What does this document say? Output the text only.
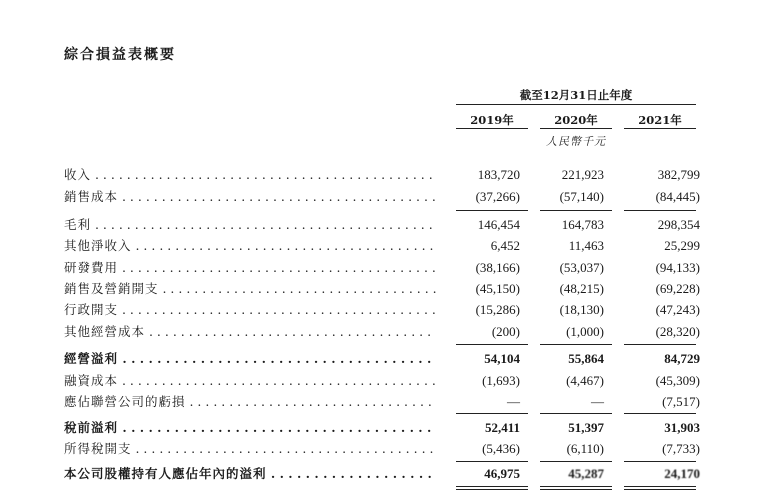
綜合損益表概要
截至12月31日止年度
2019年	2020年	2021年
人民幣千元
收入 . . .	183,720	221,923	382,799
銷售成本 . . .	(37,266)	(57,140)	(84,445)
毛利 . . .	146,454	164,783	298,354
其他淨收入 . . .	6,452	11,463	25,299
研發費用 . . .	(38,166)	(53,037)	(94,133)
銷售及營銷開支 . . .	(45,150)	(48,215)	(69,228)
行政開支 . . .	(15,286)	(18,130)	(47,243)
其他經營成本 . . .	(200)	(1,000)	(28,320)
經營溢利 . . .	54,104	55,864	84,729
融資成本 . . .	(1,693)	(4,467)	(45,309)
應佔聯營公司的虧損 . . .	—	—	(7,517)
稅前溢利 . . .	52,411	51,397	31,903
所得稅開支 . . .	(5,436)	(6,110)	(7,733)
本公司股權持有人應佔年內的溢利 . . .	46,975	45,287	24,170
